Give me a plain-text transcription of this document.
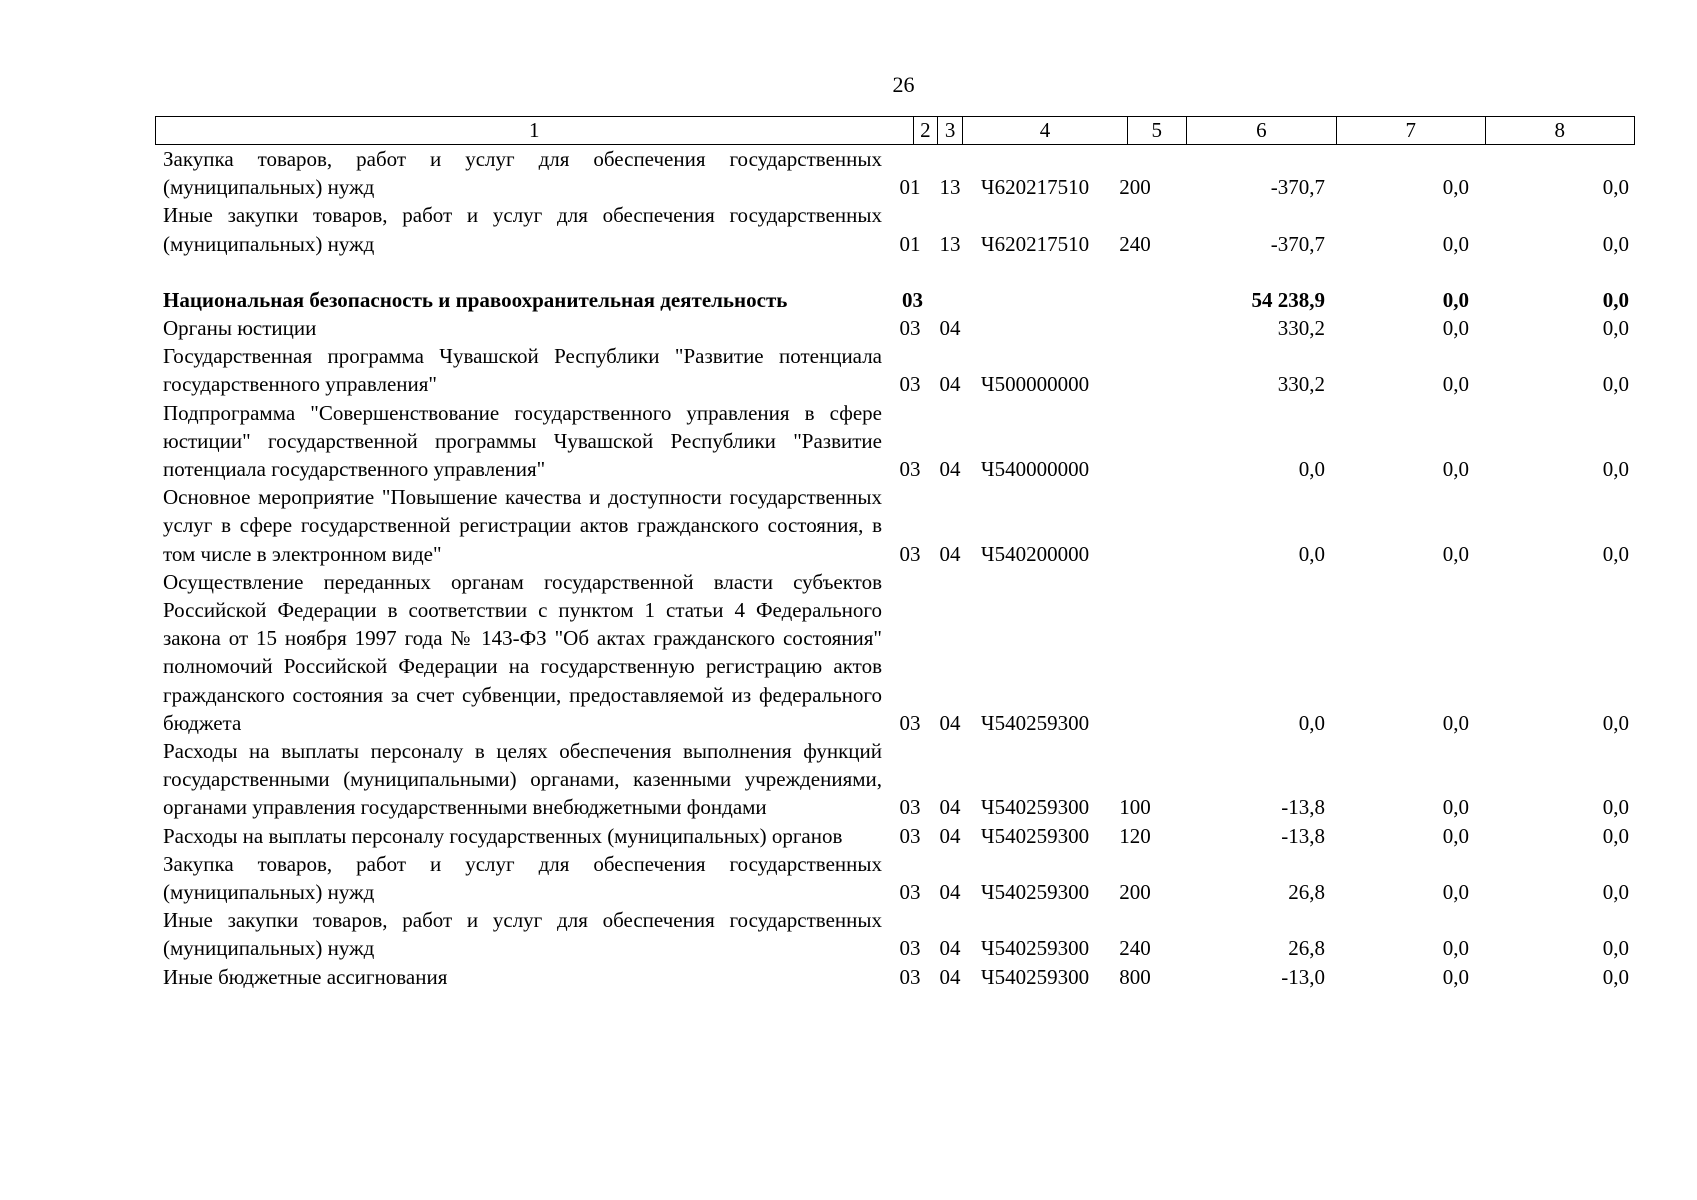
26
1	2	3	4	5	6	7	8
Закупка товаров, работ и услуг для обеспечения государственных (муниципальных) нужд	01	13	Ч620217510	200	-370,7	0,0	0,0
Иные закупки товаров, работ и услуг для обеспечения государственных (муниципальных) нужд	01	13	Ч620217510	240	-370,7	0,0	0,0

Национальная безопасность и правоохранительная деятельность	03				54 238,9	0,0	0,0
Органы юстиции	03	04			330,2	0,0	0,0
Государственная программа Чувашской Республики "Развитие потенциала государственного управления"	03	04	Ч500000000		330,2	0,0	0,0
Подпрограмма "Совершенствование государственного управления в сфере юстиции" государственной программы Чувашской Республики "Развитие потенциала государственного управления"	03	04	Ч540000000		0,0	0,0	0,0
Основное мероприятие "Повышение качества и доступности государственных услуг в сфере государственной регистрации актов гражданского состояния, в том числе в электронном виде"	03	04	Ч540200000		0,0	0,0	0,0
Осуществление переданных органам государственной власти субъектов Российской Федерации в соответствии с пунктом 1 статьи 4 Федерального закона от 15 ноября 1997 года № 143-ФЗ "Об актах гражданского состояния" полномочий Российской Федерации на государственную регистрацию актов гражданского состояния за счет субвенции, предоставляемой из федерального бюджета	03	04	Ч540259300		0,0	0,0	0,0
Расходы на выплаты персоналу в целях обеспечения выполнения функций государственными (муниципальными) органами, казенными учреждениями, органами управления государственными внебюджетными фондами	03	04	Ч540259300	100	-13,8	0,0	0,0
Расходы на выплаты персоналу государственных (муниципальных) органов	03	04	Ч540259300	120	-13,8	0,0	0,0
Закупка товаров, работ и услуг для обеспечения государственных (муниципальных) нужд	03	04	Ч540259300	200	26,8	0,0	0,0
Иные закупки товаров, работ и услуг для обеспечения государственных (муниципальных) нужд	03	04	Ч540259300	240	26,8	0,0	0,0
Иные бюджетные ассигнования	03	04	Ч540259300	800	-13,0	0,0	0,0
